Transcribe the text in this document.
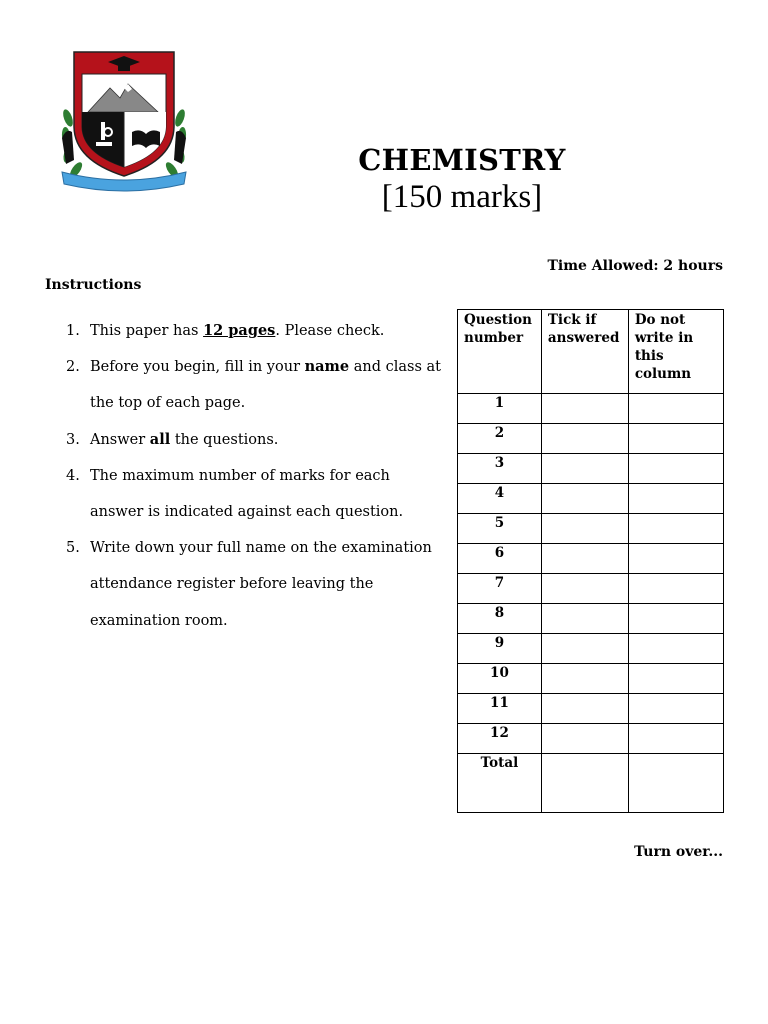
CHEMISTRY
[150 marks]
Time Allowed: 2 hours
Instructions
1. This paper has 12 pages. Please check.
2. Before you begin, fill in your name and class at
the top of each page.
3. Answer all the questions.
4. The maximum number of marks for each
answer is indicated against each question.
5. Write down your full name on the examination
attendance register before leaving the
examination room.
Question number	Tick if answered	Do not write in this column
1		
2		
3		
4		
5		
6		
7		
8		
9		
10		
11		
12		
Total		
Turn over...
